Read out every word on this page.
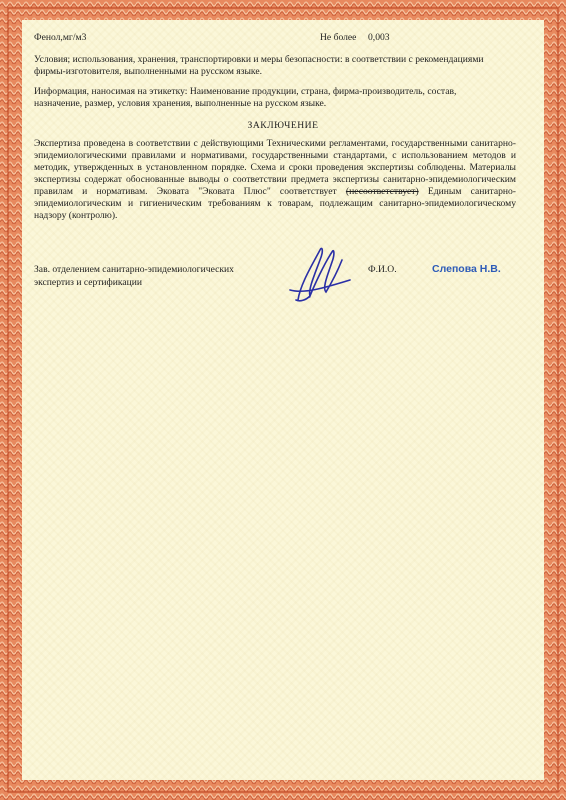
Фенол,мг/м3	Не более 0,003
Условия; использования, хранения, транспортировки и меры безопасности: в соответствии с рекомендациями фирмы-изготовителя, выполненными на русском языке.
Информация, наносимая на этикетку: Наименование продукции, страна, фирма-производитель, состав, назначение, размер, условия хранения, выполненные на русском языке.
ЗАКЛЮЧЕНИЕ
Экспертиза проведена в соответствии с действующими Техническими регламентами, государственными санитарно-эпидемиологическими правилами и нормативами, государственными стандартами, с использованием методов и методик, утвержденных в установленном порядке. Схема и сроки проведения экспертизы соблюдены. Материалы экспертизы содержат обоснованные выводы о соответствии предмета экспертизы санитарно-эпидемиологическим правилам и нормативам. Эковата "Эковата Плюс" соответствует (несоответствует) Единым санитарно-эпидемиологическим и гигиеническим требованиям к товарам, подлежащим санитарно-эпидемиологическому надзору (контролю).
Зав. отделением санитарно-эпидемиологических
экспертиз и сертификации
Ф.И.О.	Слепова Н.В.
